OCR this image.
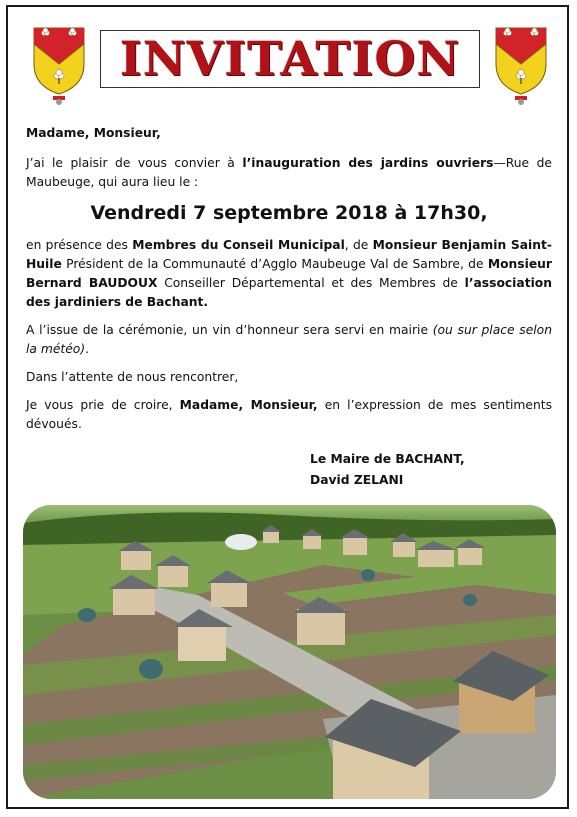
INVITATION

Madame, Monsieur,

J’ai le plaisir de vous convier à l’inauguration des jardins ouvriers—Rue de Maubeuge, qui aura lieu le :

Vendredi 7 septembre 2018 à 17h30,

en présence des Membres du Conseil Municipal, de Monsieur Benjamin Saint-Huile Président de la Communauté d’Agglo Maubeuge Val de Sambre, de Monsieur Bernard BAUDOUX Conseiller Départemental et des Membres de l’association des jardiniers de Bachant.

A l’issue de la cérémonie, un vin d’honneur sera servi en mairie (ou sur place selon la météo).

Dans l’attente de nous rencontrer,

Je vous prie de croire, Madame, Monsieur, en l’expression de mes sentiments dévoués.

Le Maire de BACHANT,
David ZELANI
